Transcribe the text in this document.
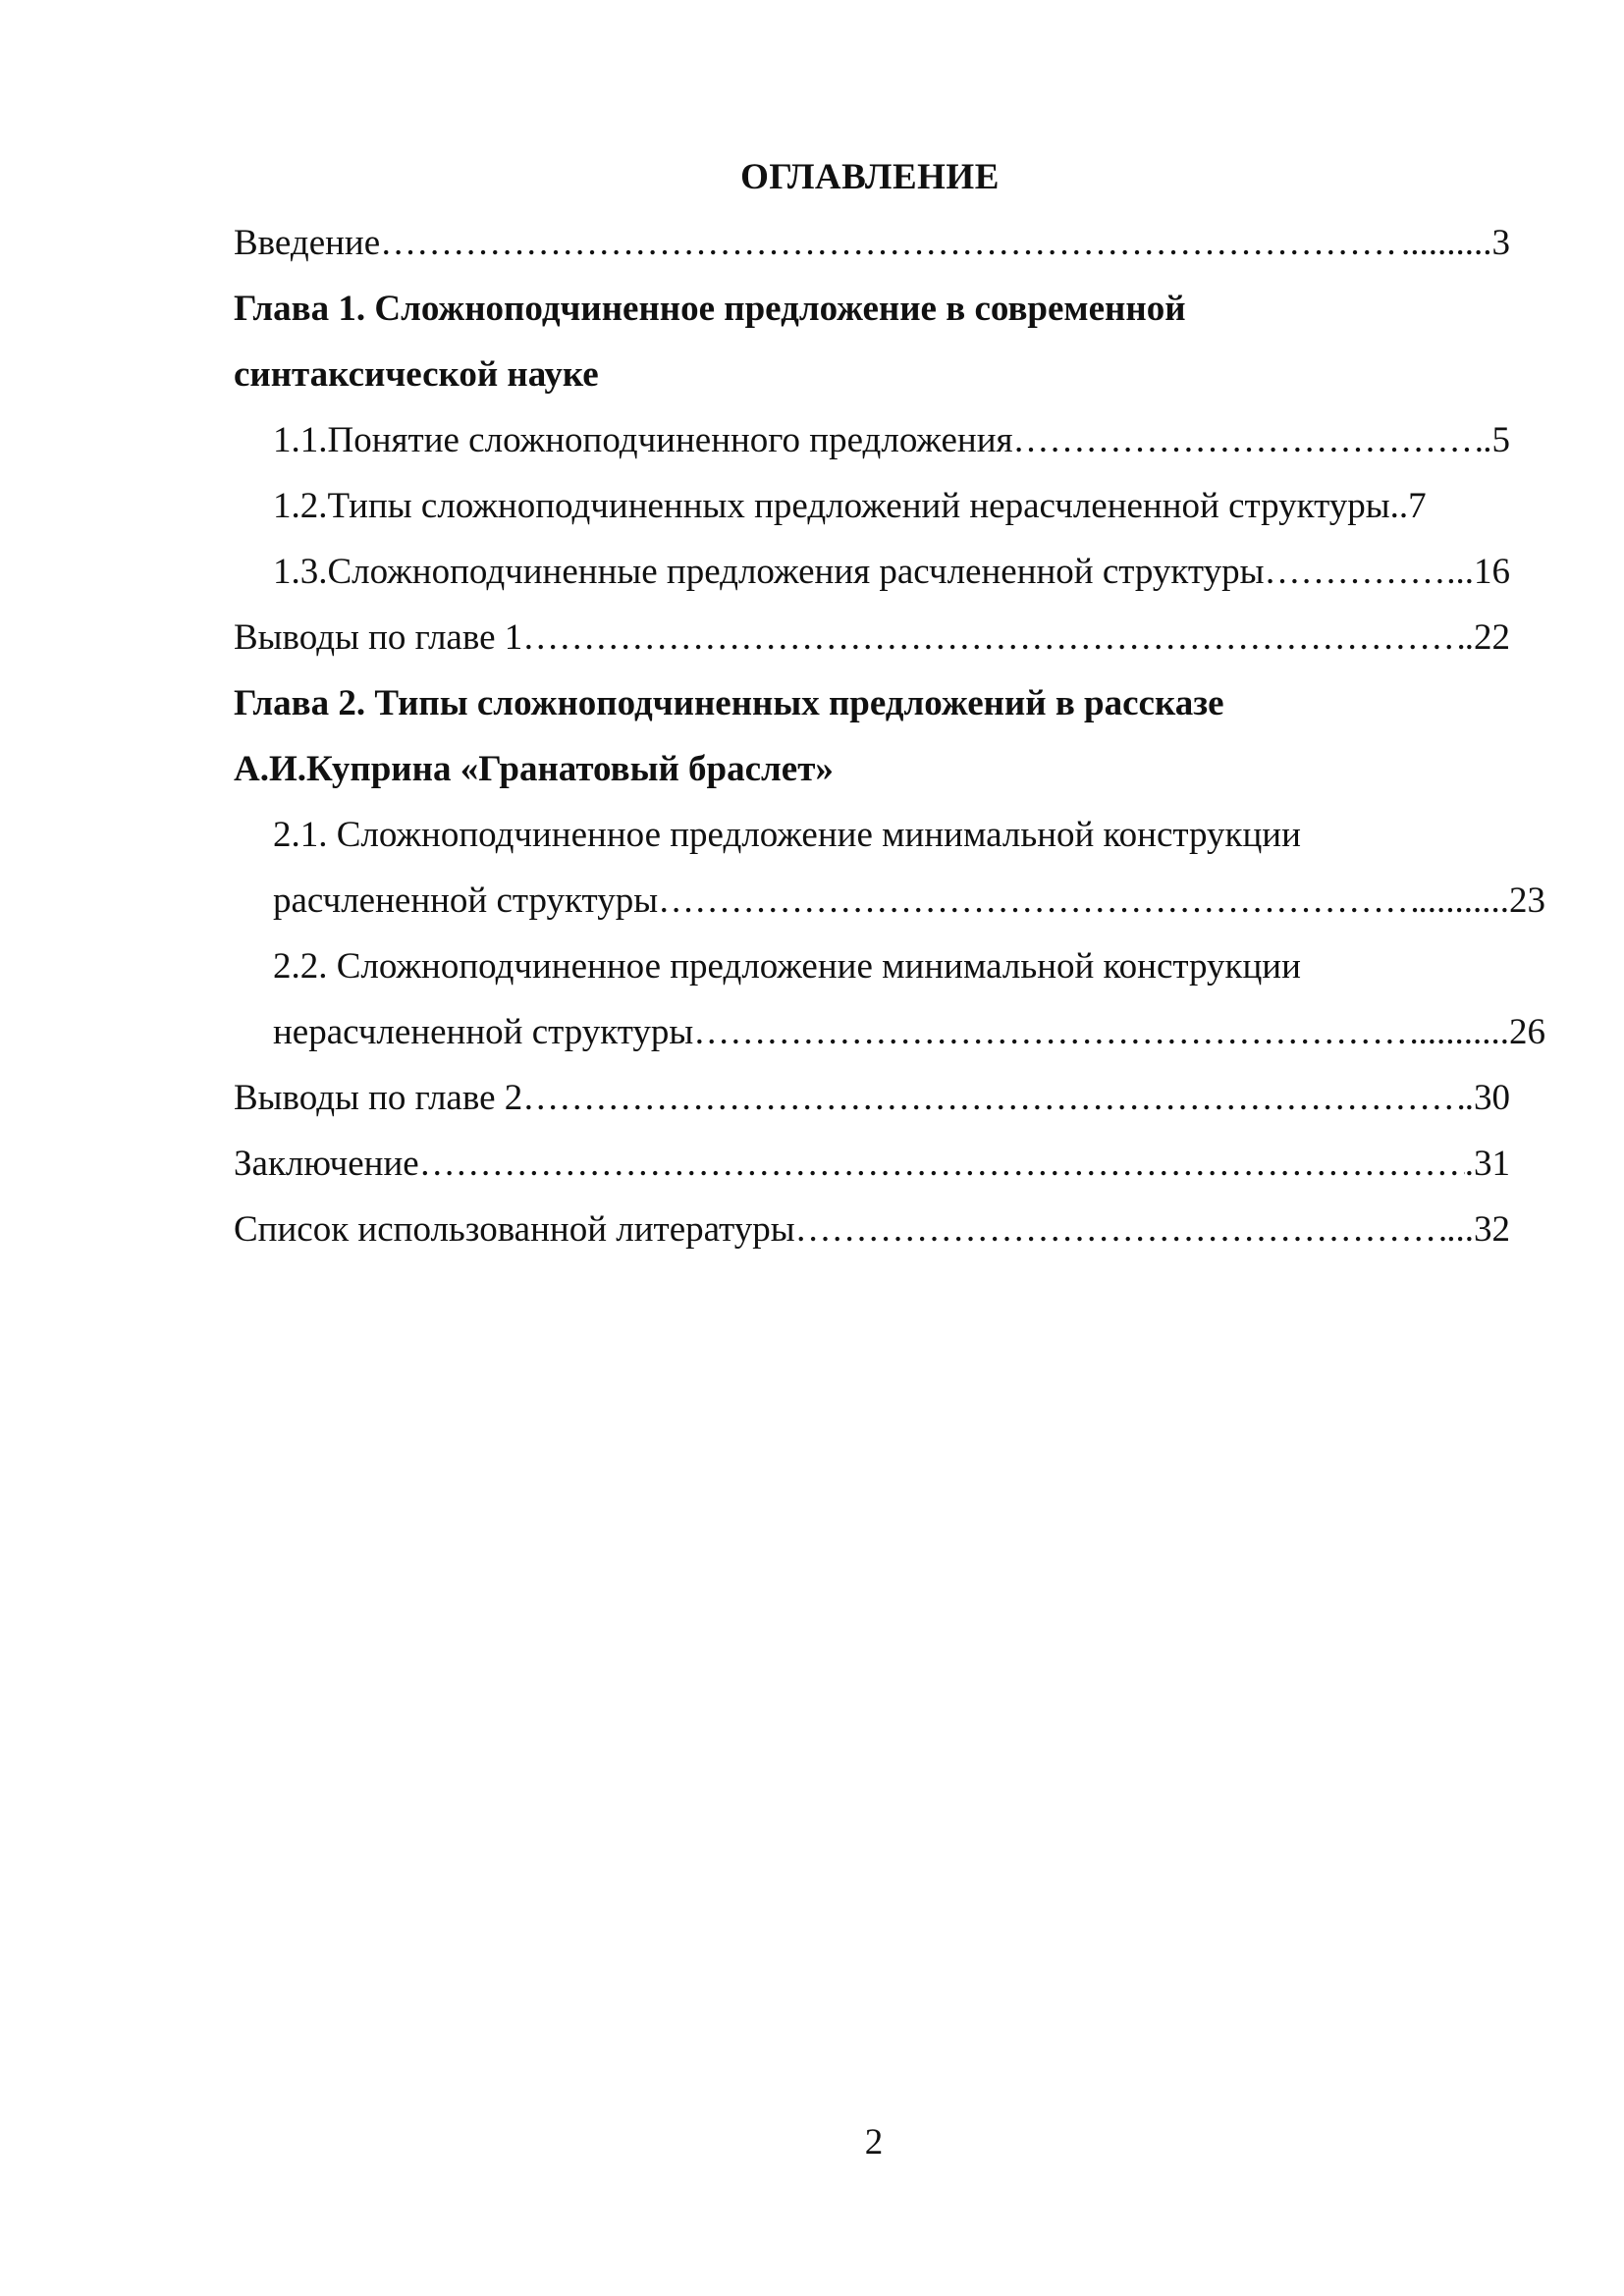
ОГЛАВЛЕНИЕ
Введение ………………………………………………………………………………………………………………………………………………………………………………………………	..........3
Глава 1. Сложноподчиненное предложение в современной
синтаксической науке
1.1.Понятие сложноподчиненного предложения ………………………………………………………………………………………………………………………………………………………………………………………………	.5
1.2.Типы сложноподчиненных предложений нерасчлененной структуры..7
1.3.Сложноподчиненные предложения расчлененной структуры ………………………………………………………………………………………………………………………………………………………………………………………………	...16
Выводы по главе 1 ………………………………………………………………………………………………………………………………………………………………………………………………	.22
Глава 2. Типы сложноподчиненных предложений в рассказе
А.И.Куприна «Гранатовый браслет»
2.1. Сложноподчиненное предложение минимальной конструкции
расчлененной структуры ………………………………………………………………………………………………………………………………………………………………………………………………	..........23
2.2. Сложноподчиненное предложение минимальной конструкции
нерасчлененной структуры ………………………………………………………………………………………………………………………………………………………………………………………………	..........26
Выводы по главе 2 ………………………………………………………………………………………………………………………………………………………………………………………………	.30
Заключение ………………………………………………………………………………………………………………………………………………………………………………………………	.31
Список использованной литературы ………………………………………………………………………………………………………………………………………………………………………………………………	...32
2
